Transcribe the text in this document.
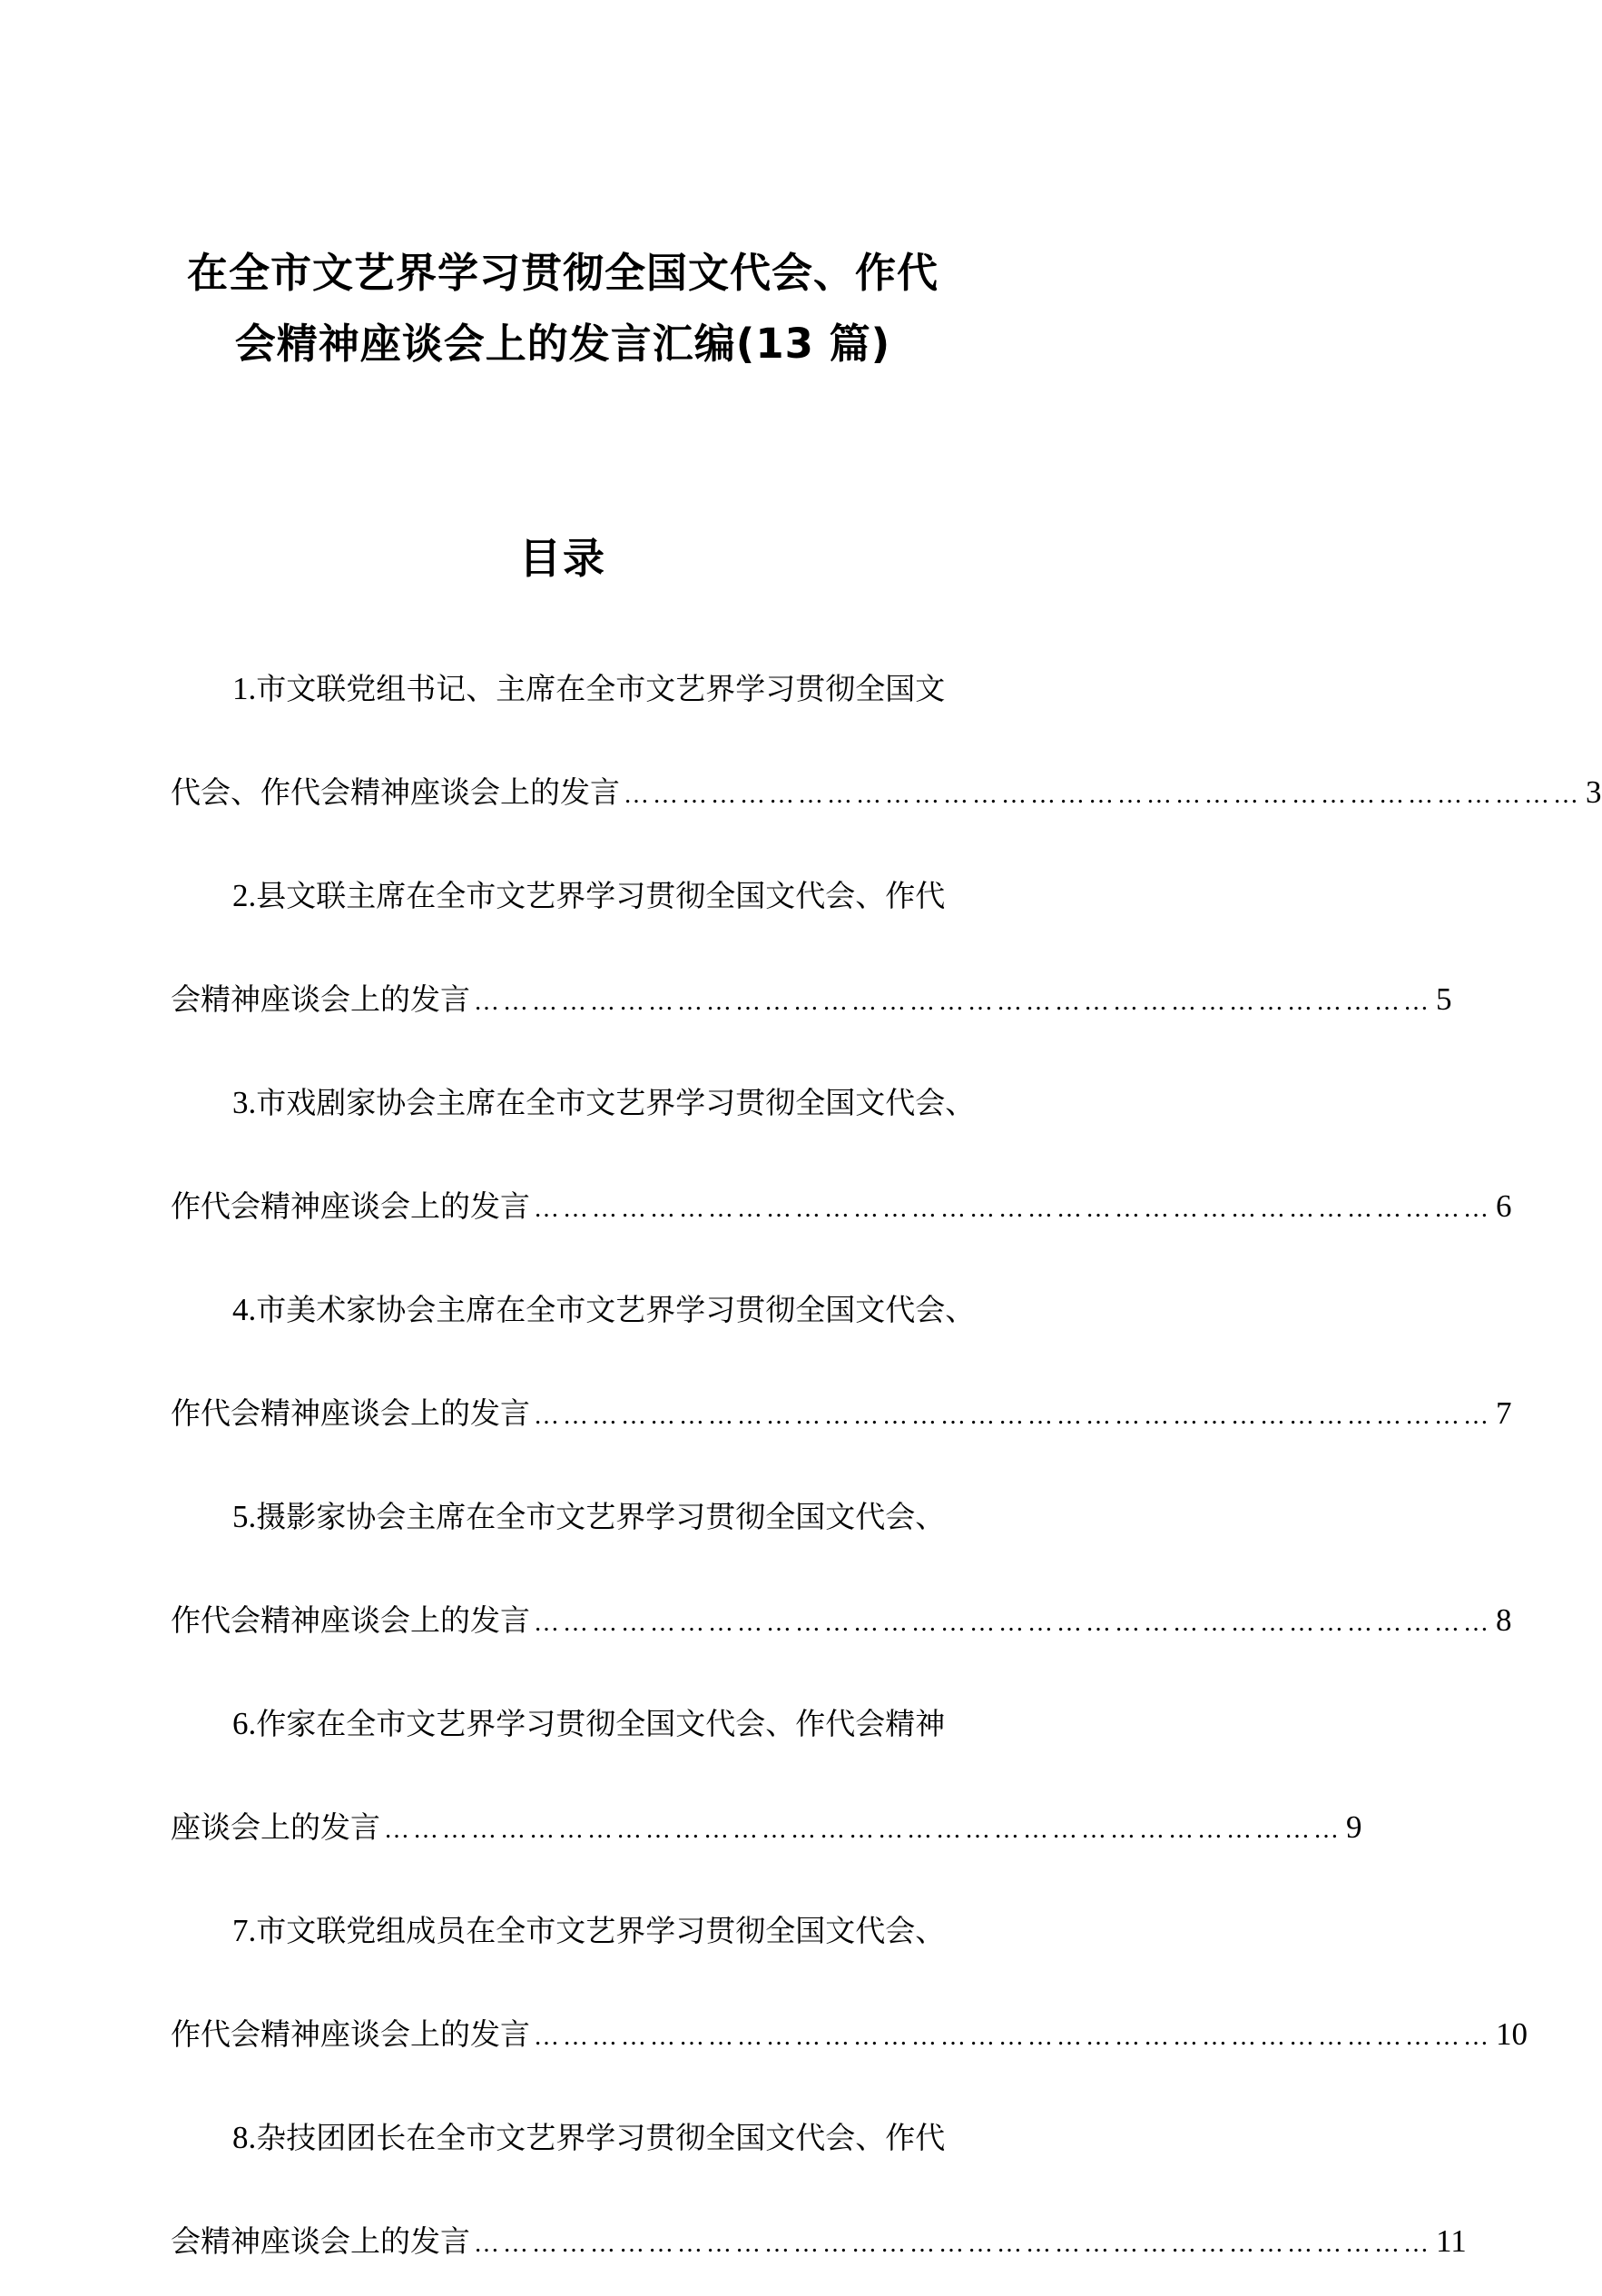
在全市文艺界学习贯彻全国文代会、作代
会精神座谈会上的发言汇编(13 篇)
目录
1.市文联党组书记、主席在全市文艺界学习贯彻全国文
代会、作代会精神座谈会上的发言 ……………………………………………………………………………………… 3
2.县文联主席在全市文艺界学习贯彻全国文代会、作代
会精神座谈会上的发言 ……………………………………………………………………………………… 5
3.市戏剧家协会主席在全市文艺界学习贯彻全国文代会、
作代会精神座谈会上的发言 ……………………………………………………………………………………… 6
4.市美术家协会主席在全市文艺界学习贯彻全国文代会、
作代会精神座谈会上的发言 ……………………………………………………………………………………… 7
5.摄影家协会主席在全市文艺界学习贯彻全国文代会、
作代会精神座谈会上的发言 ……………………………………………………………………………………… 8
6.作家在全市文艺界学习贯彻全国文代会、作代会精神
座谈会上的发言 ……………………………………………………………………………………… 9
7.市文联党组成员在全市文艺界学习贯彻全国文代会、
作代会精神座谈会上的发言 ……………………………………………………………………………………… 10
8.杂技团团长在全市文艺界学习贯彻全国文代会、作代
会精神座谈会上的发言 ……………………………………………………………………………………… 11
